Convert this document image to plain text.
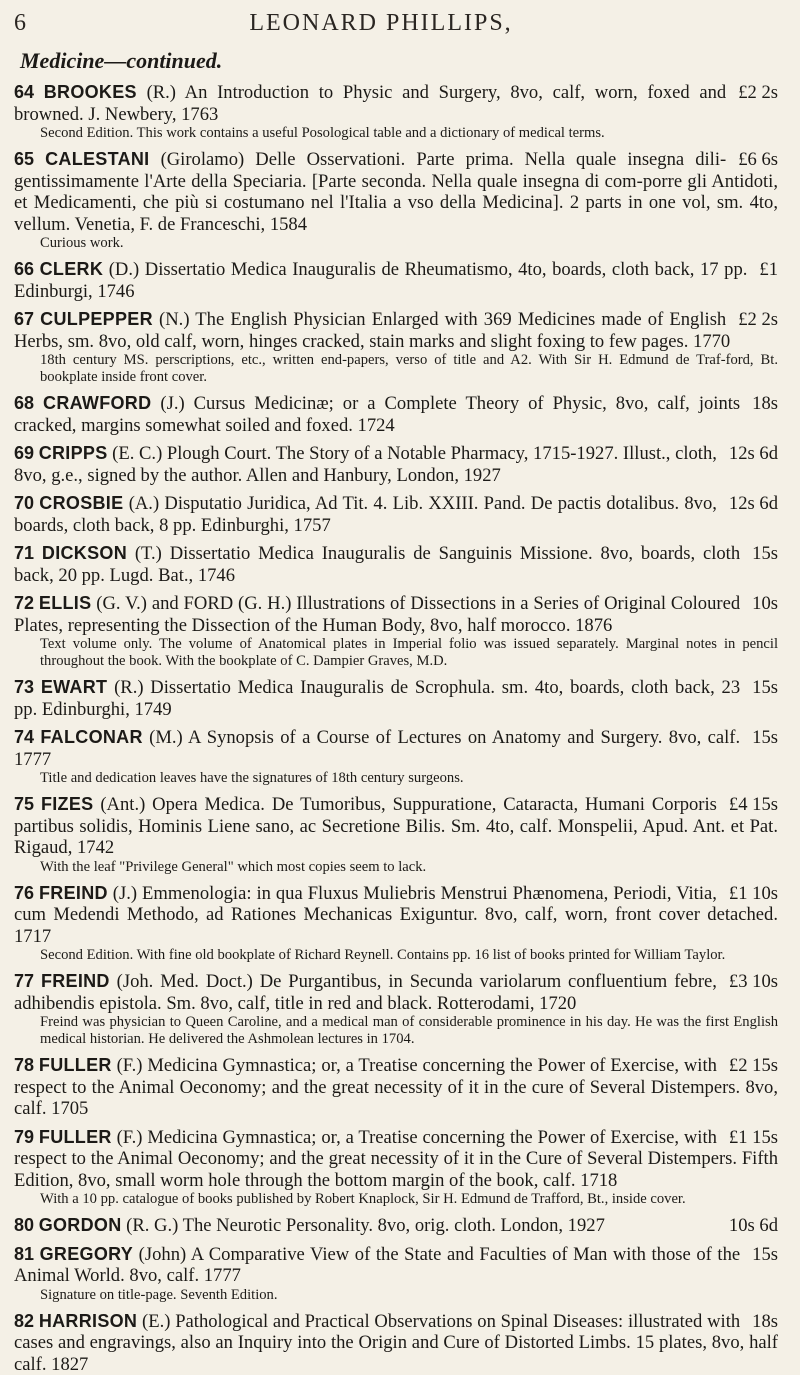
6	LEONARD PHILLIPS,
Medicine—continued.
£2 2s
64 BROOKES (R.) An Introduction to Physic and Surgery, 8vo, calf, worn, foxed and browned. J. Newbery, 1763
Second Edition. This work contains a useful Posological table and a dictionary of medical terms.
£6 6s
65 CALESTANI (Girolamo) Delle Osservationi. Parte prima. Nella quale insegna dili-gentissimamente l'Arte della Speciaria. [Parte seconda. Nella quale insegna di com-porre gli Antidoti, et Medicamenti, che più si costumano nel l'Italia a vso della Medicina]. 2 parts in one vol, sm. 4to, vellum. Venetia, F. de Franceschi, 1584
Curious work.
£1
66 CLERK (D.) Dissertatio Medica Inauguralis de Rheumatismo, 4to, boards, cloth back, 17 pp. Edinburgi, 1746
£2 2s
67 CULPEPPER (N.) The English Physician Enlarged with 369 Medicines made of English Herbs, sm. 8vo, old calf, worn, hinges cracked, stain marks and slight foxing to few pages. 1770
18th century MS. perscriptions, etc., written end-papers, verso of title and A2. With Sir H. Edmund de Traf-ford, Bt. bookplate inside front cover.
18s
68 CRAWFORD (J.) Cursus Medicinæ; or a Complete Theory of Physic, 8vo, calf, joints cracked, margins somewhat soiled and foxed. 1724
12s 6d
69 CRIPPS (E. C.) Plough Court. The Story of a Notable Pharmacy, 1715-1927. Illust., cloth, 8vo, g.e., signed by the author. Allen and Hanbury, London, 1927
12s 6d
70 CROSBIE (A.) Disputatio Juridica, Ad Tit. 4. Lib. XXIII. Pand. De pactis dotalibus. 8vo, boards, cloth back, 8 pp. Edinburghi, 1757
15s
71 DICKSON (T.) Dissertatio Medica Inauguralis de Sanguinis Missione. 8vo, boards, cloth back, 20 pp. Lugd. Bat., 1746
10s
72 ELLIS (G. V.) and FORD (G. H.) Illustrations of Dissections in a Series of Original Coloured Plates, representing the Dissection of the Human Body, 8vo, half morocco. 1876
Text volume only. The volume of Anatomical plates in Imperial folio was issued separately. Marginal notes in pencil throughout the book. With the bookplate of C. Dampier Graves, M.D.
15s
73 EWART (R.) Dissertatio Medica Inauguralis de Scrophula. sm. 4to, boards, cloth back, 23 pp. Edinburghi, 1749
15s
74 FALCONAR (M.) A Synopsis of a Course of Lectures on Anatomy and Surgery. 8vo, calf. 1777
Title and dedication leaves have the signatures of 18th century surgeons.
£4 15s
75 FIZES (Ant.) Opera Medica. De Tumoribus, Suppuratione, Cataracta, Humani Corporis partibus solidis, Hominis Liene sano, ac Secretione Bilis. Sm. 4to, calf. Monspelii, Apud. Ant. et Pat. Rigaud, 1742
With the leaf "Privilege General" which most copies seem to lack.
£1 10s
76 FREIND (J.) Emmenologia: in qua Fluxus Muliebris Menstrui Phænomena, Periodi, Vitia, cum Medendi Methodo, ad Rationes Mechanicas Exiguntur. 8vo, calf, worn, front cover detached. 1717
Second Edition. With fine old bookplate of Richard Reynell. Contains pp. 16 list of books printed for William Taylor.
£3 10s
77 FREIND (Joh. Med. Doct.) De Purgantibus, in Secunda variolarum confluentium febre, adhibendis epistola. Sm. 8vo, calf, title in red and black. Rotterodami, 1720
Freind was physician to Queen Caroline, and a medical man of considerable prominence in his day. He was the first English medical historian. He delivered the Ashmolean lectures in 1704.
£2 15s
78 FULLER (F.) Medicina Gymnastica; or, a Treatise concerning the Power of Exercise, with respect to the Animal Oeconomy; and the great necessity of it in the cure of Several Distempers. 8vo, calf. 1705
£1 15s
79 FULLER (F.) Medicina Gymnastica; or, a Treatise concerning the Power of Exercise, with respect to the Animal Oeconomy; and the great necessity of it in the Cure of Several Distempers. Fifth Edition, 8vo, small worm hole through the bottom margin of the book, calf. 1718
With a 10 pp. catalogue of books published by Robert Knaplock, Sir H. Edmund de Trafford, Bt., inside cover.
10s 6d
80 GORDON (R. G.) The Neurotic Personality. 8vo, orig. cloth. London, 1927
15s
81 GREGORY (John) A Comparative View of the State and Faculties of Man with those of the Animal World. 8vo, calf. 1777
Signature on title-page. Seventh Edition.
18s
82 HARRISON (E.) Pathological and Practical Observations on Spinal Diseases: illustrated with cases and engravings, also an Inquiry into the Origin and Cure of Distorted Limbs. 15 plates, 8vo, half calf. 1827
